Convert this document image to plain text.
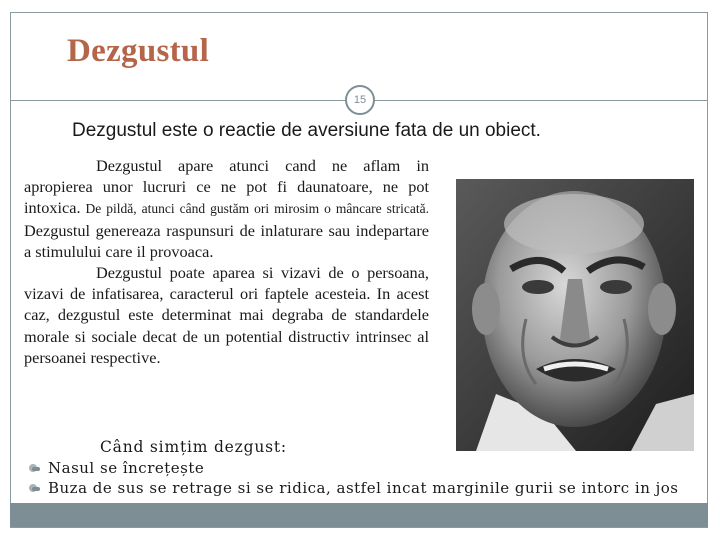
Dezgustul
15
Dezgustul este o reactie de aversiune fata de un obiect.

Dezgustul apare atunci cand ne aflam in apropierea unor lucruri ce ne pot fi daunatoare, ne pot intoxica. De pildă, atunci când gustăm ori mirosim o mâncare stricată. Dezgustul genereaza raspunsuri de inlaturare sau indepartare a stimulului care il provoaca.

Dezgustul poate aparea si vizavi de o persoana, vizavi de infatisarea, caracterul ori faptele acesteia. In acest caz, dezgustul este determinat mai degraba de standardele morale si sociale decat de un potential distructiv intrinsec al persoanei respective.

Când simțim dezgust:
Nasul se încrețește
Buza de sus se retrage si se ridica, astfel incat marginile gurii se intorc in jos
